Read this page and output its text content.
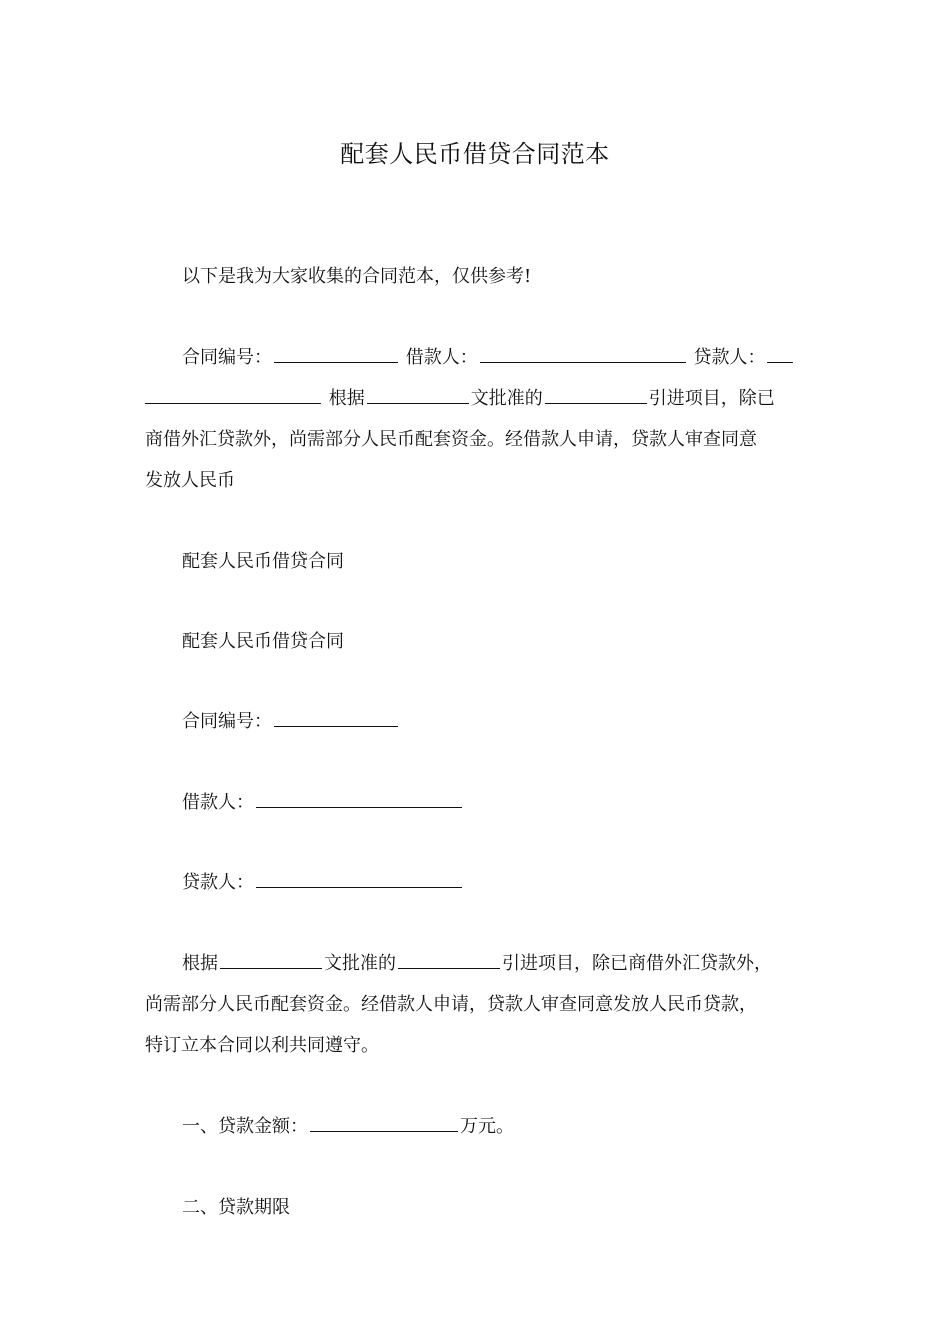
配套人民币借贷合同范本
以下是我为大家收集的合同范本，仅供参考!
合同编号：	借款人：	贷款人：
根据	文批准的	引进项目，除已
商借外汇贷款外，尚需部分人民币配套资金。经借款人申请，贷款人审查同意
发放人民币
配套人民币借贷合同
配套人民币借贷合同
合同编号：
借款人：
贷款人：
根据	文批准的	引进项目，除已商借外汇贷款外，
尚需部分人民币配套资金。经借款人申请，贷款人审查同意发放人民币贷款，
特订立本合同以利共同遵守。
一、贷款金额：	万元。
二、贷款期限
